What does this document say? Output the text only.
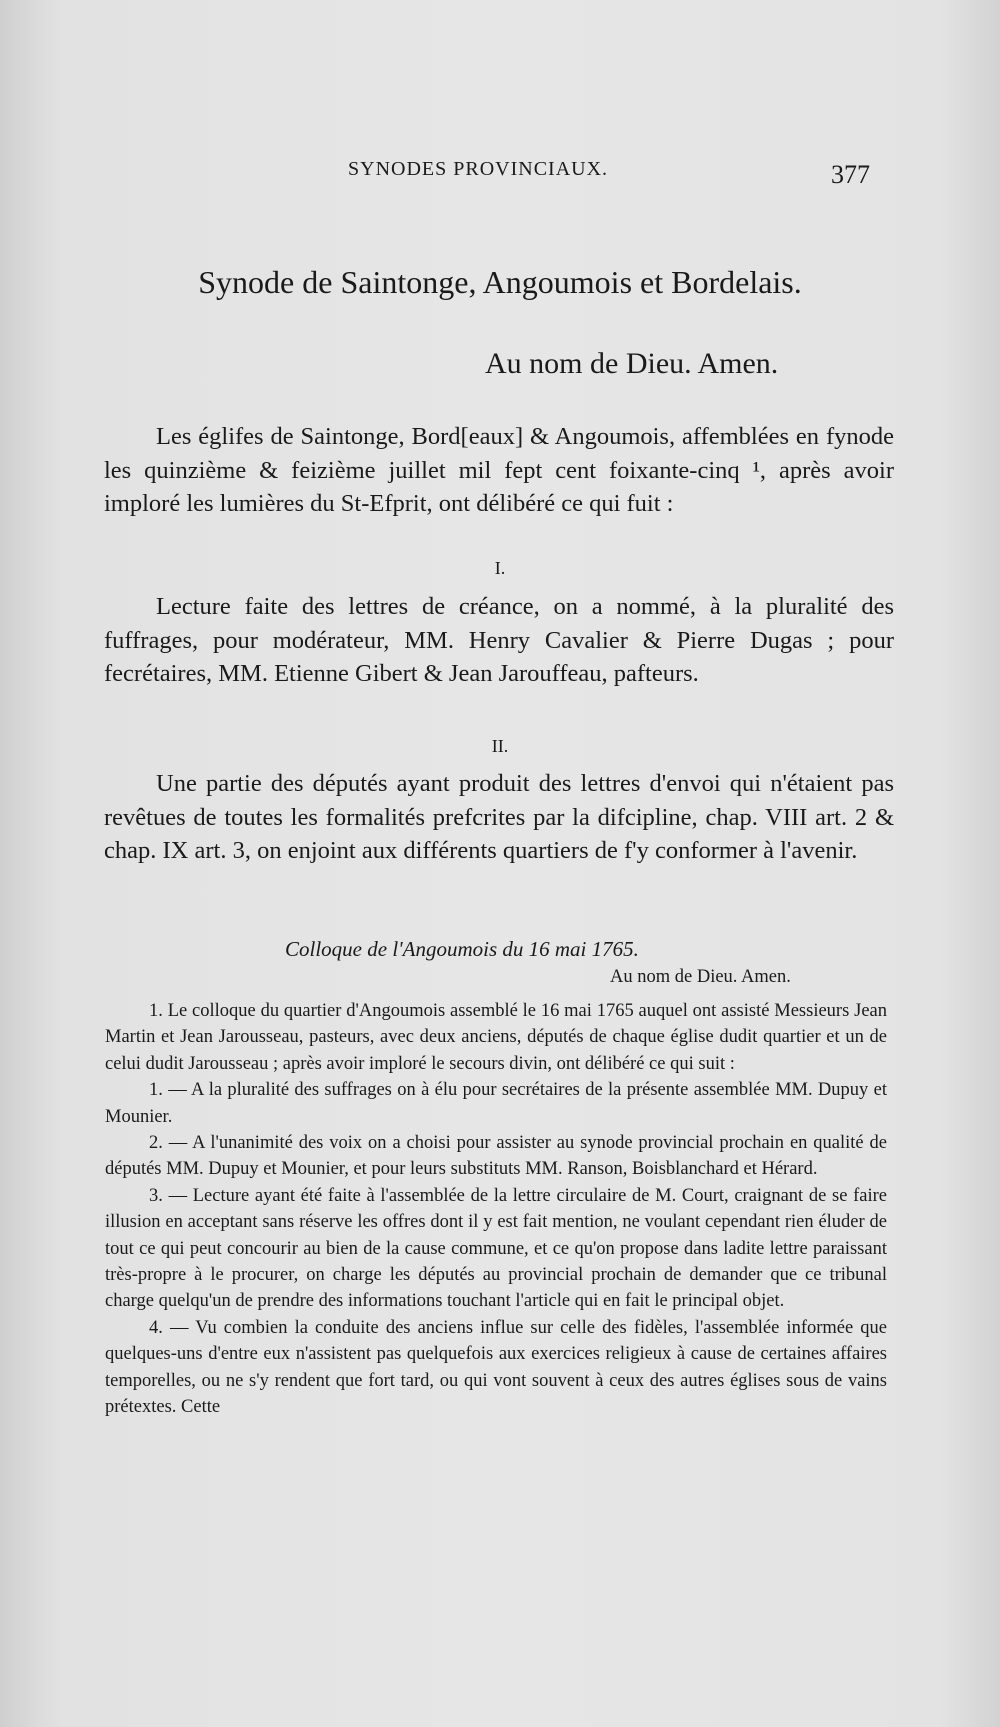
SYNODES PROVINCIAUX.	377
Synode de Saintonge, Angoumois et Bordelais.
Au nom de Dieu. Amen.

Les églifes de Saintonge, Bord[eaux] & Angoumois, affemblées en fynode les quinzième & feizième juillet mil fept cent foixante-cinq ¹, après avoir imploré les lumières du St-Efprit, ont délibéré ce qui fuit :

I.

Lecture faite des lettres de créance, on a nommé, à la pluralité des fuffrages, pour modérateur, MM. Henry Cavalier & Pierre Dugas ; pour fecrétaires, MM. Etienne Gibert & Jean Jarouffeau, pafteurs.

II.

Une partie des députés ayant produit des lettres d'envoi qui n'étaient pas revêtues de toutes les formalités prefcrites par la difcipline, chap. VIII art. 2 & chap. IX art. 3, on enjoint aux différents quartiers de f'y conformer à l'avenir.

Colloque de l'Angoumois du 16 mai 1765.
Au nom de Dieu. Amen.

1. Le colloque du quartier d'Angoumois assemblé le 16 mai 1765 auquel ont assisté Messieurs Jean Martin et Jean Jarousseau, pasteurs, avec deux anciens, députés de chaque église dudit quartier et un de celui dudit Jarousseau ; après avoir imploré le secours divin, ont délibéré ce qui suit :

1. — A la pluralité des suffrages on à élu pour secrétaires de la présente assemblée MM. Dupuy et Mounier.

2. — A l'unanimité des voix on a choisi pour assister au synode provincial prochain en qualité de députés MM. Dupuy et Mounier, et pour leurs substituts MM. Ranson, Boisblanchard et Hérard.

3. — Lecture ayant été faite à l'assemblée de la lettre circulaire de M. Court, craignant de se faire illusion en acceptant sans réserve les offres dont il y est fait mention, ne voulant cependant rien éluder de tout ce qui peut concourir au bien de la cause commune, et ce qu'on propose dans ladite lettre paraissant très-propre à le procurer, on charge les députés au provincial prochain de demander que ce tribunal charge quelqu'un de prendre des informations touchant l'article qui en fait le principal objet.

4. — Vu combien la conduite des anciens influe sur celle des fidèles, l'assemblée informée que quelques-uns d'entre eux n'assistent pas quelquefois aux exercices religieux à cause de certaines affaires temporelles, ou ne s'y rendent que fort tard, ou qui vont souvent à ceux des autres églises sous de vains prétextes. Cette
